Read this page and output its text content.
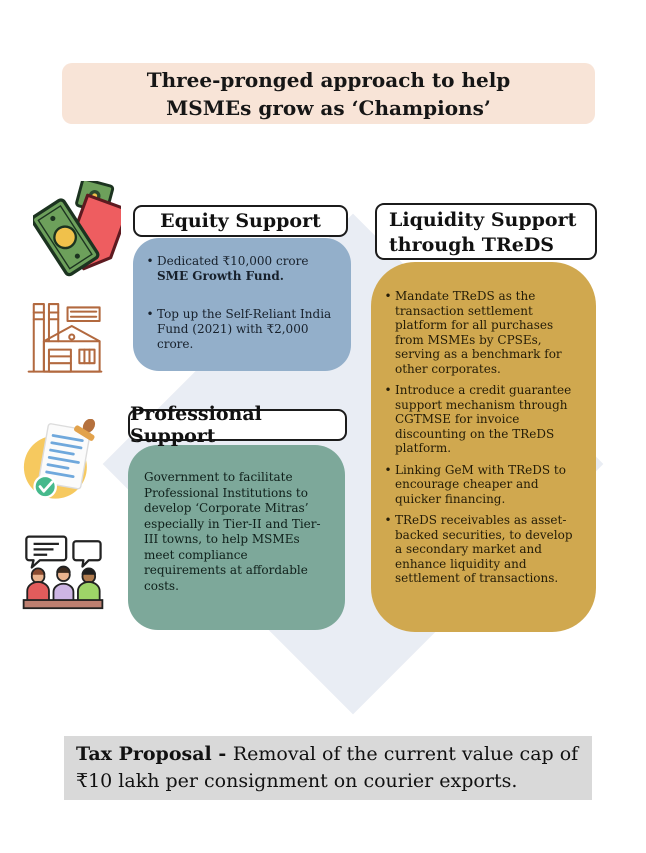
Three-pronged approach to help
MSMEs grow as ‘Champions’
Equity Support
•
Dedicated ₹10,000 crore SME Growth Fund.
•
Top up the Self-Reliant India Fund (2021) with ₹2,000 crore.
Liquidity Support
through TReDS
•
Mandate TReDS as the transaction settlement platform for all purchases from MSMEs by CPSEs, serving as a benchmark for other corporates.
•
Introduce a credit guarantee support mechanism through CGTMSE for invoice discounting on the TReDS platform.
•
Linking GeM with TReDS to encourage cheaper and quicker financing.
•
TReDS receivables as asset-backed securities, to develop a secondary market and enhance liquidity and settlement of transactions.
Professional Support
Government to facilitate Professional Institutions to develop ‘Corporate Mitras’ especially in Tier-II and Tier-III towns, to help MSMEs meet compliance requirements at affordable costs.
Tax Proposal - Removal of the current value cap of ₹10 lakh per consignment on courier exports.
